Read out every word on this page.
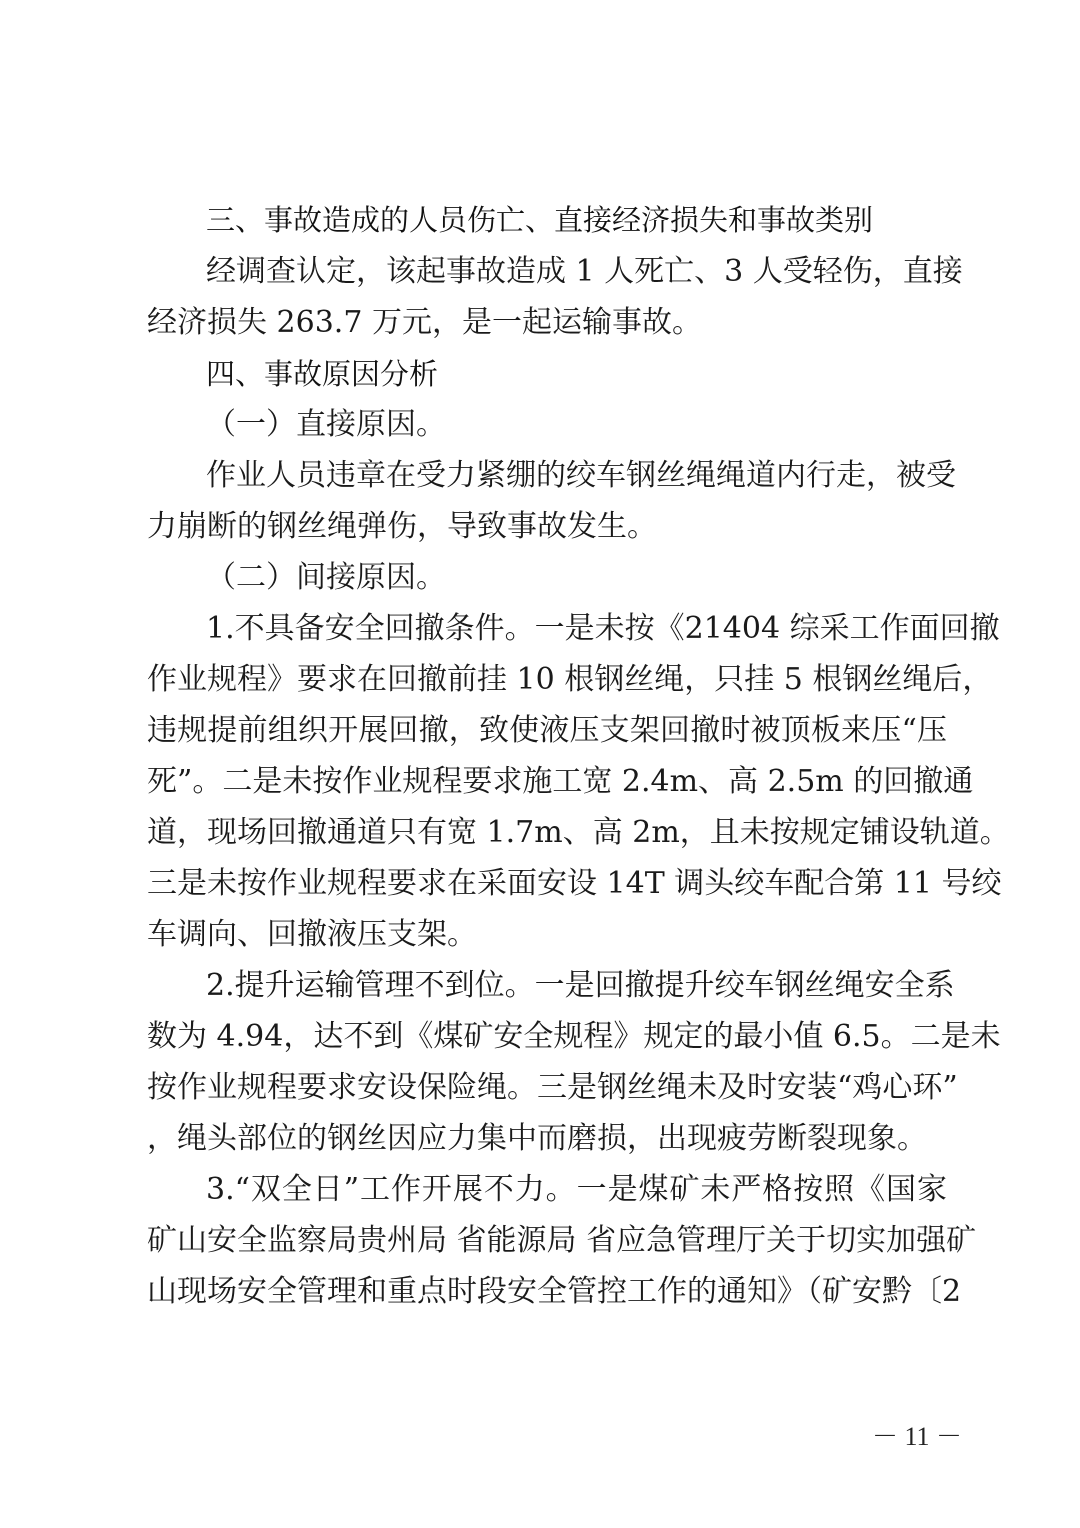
三、事故造成的人员伤亡、直接经济损失和事故类别
经调查认定，该起事故造成 1 人死亡、3 人受轻伤，直接
经济损失 263.7 万元，是一起运输事故。
四、事故原因分析
（一）直接原因。
作业人员违章在受力紧绷的绞车钢丝绳绳道内行走，被受
力崩断的钢丝绳弹伤，导致事故发生。
（二）间接原因。
1.不具备安全回撤条件。一是未按《21404 综采工作面回撤
作业规程》要求在回撤前挂 10 根钢丝绳，只挂 5 根钢丝绳后，
违规提前组织开展回撤，致使液压支架回撤时被顶板来压“压
死”。二是未按作业规程要求施工宽 2.4m、高 2.5m 的回撤通
道，现场回撤通道只有宽 1.7m、高 2m，且未按规定铺设轨道。
三是未按作业规程要求在采面安设 14T 调头绞车配合第 11 号绞
车调向、回撤液压支架。
2.提升运输管理不到位。一是回撤提升绞车钢丝绳安全系
数为 4.94，达不到《煤矿安全规程》规定的最小值 6.5。二是未
按作业规程要求安设保险绳。三是钢丝绳未及时安装“鸡心环”
，绳头部位的钢丝因应力集中而磨损，出现疲劳断裂现象。
3.“双全日”工作开展不力。一是煤矿未严格按照《国家
矿山安全监察局贵州局 省能源局 省应急管理厅关于切实加强矿
山现场安全管理和重点时段安全管控工作的通知》（矿安黔〔2
－ 11 －
